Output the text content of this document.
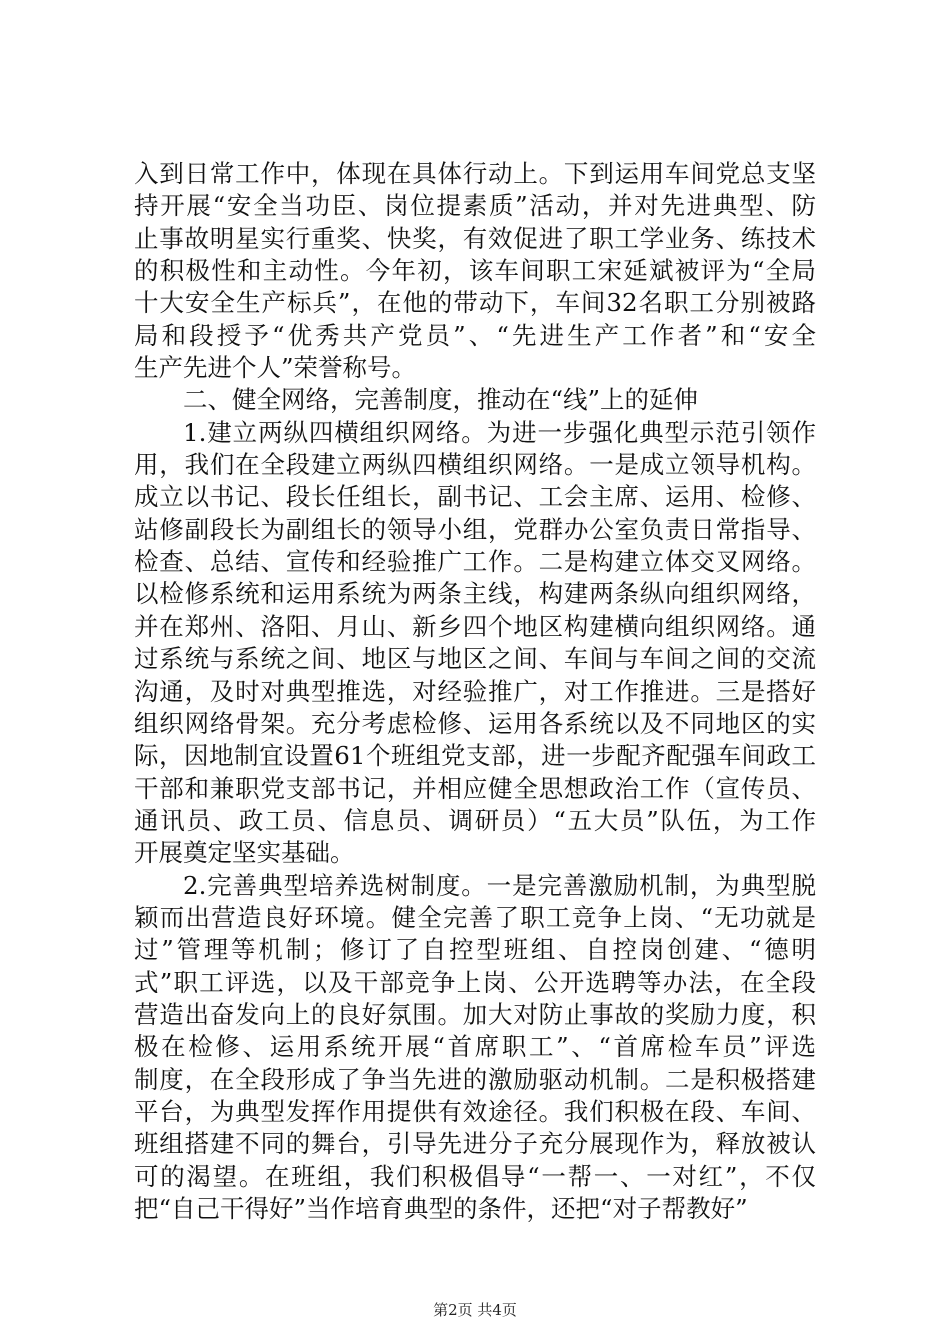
入到日常工作中，体现在具体行动上。下到运用车间党总支坚
持开展“安全当功臣、岗位提素质”活动，并对先进典型、防
止事故明星实行重奖、快奖，有效促进了职工学业务、练技术
的积极性和主动性。今年初，该车间职工宋延斌被评为“全局
十大安全生产标兵”，在他的带动下，车间32名职工分别被路
局和段授予“优秀共产党员”、“先进生产工作者”和“安全
生产先进个人”荣誉称号。
二、健全网络，完善制度，推动在“线”上的延伸
1.建立两纵四横组织网络。为进一步强化典型示范引领作
用，我们在全段建立两纵四横组织网络。一是成立领导机构。
成立以书记、段长任组长，副书记、工会主席、运用、检修、
站修副段长为副组长的领导小组，党群办公室负责日常指导、
检查、总结、宣传和经验推广工作。二是构建立体交叉网络。
以检修系统和运用系统为两条主线，构建两条纵向组织网络，
并在郑州、洛阳、月山、新乡四个地区构建横向组织网络。通
过系统与系统之间、地区与地区之间、车间与车间之间的交流
沟通，及时对典型推选，对经验推广，对工作推进。三是搭好
组织网络骨架。充分考虑检修、运用各系统以及不同地区的实
际，因地制宜设置61个班组党支部，进一步配齐配强车间政工
干部和兼职党支部书记，并相应健全思想政治工作（宣传员、
通讯员、政工员、信息员、调研员）“五大员”队伍，为工作
开展奠定坚实基础。
2.完善典型培养选树制度。一是完善激励机制，为典型脱
颖而出营造良好环境。健全完善了职工竞争上岗、“无功就是
过”管理等机制；修订了自控型班组、自控岗创建、“德明
式”职工评选，以及干部竞争上岗、公开选聘等办法，在全段
营造出奋发向上的良好氛围。加大对防止事故的奖励力度，积
极在检修、运用系统开展“首席职工”、“首席检车员”评选
制度，在全段形成了争当先进的激励驱动机制。二是积极搭建
平台，为典型发挥作用提供有效途径。我们积极在段、车间、
班组搭建不同的舞台，引导先进分子充分展现作为，释放被认
可的渴望。在班组，我们积极倡导“一帮一、一对红”，不仅
把“自己干得好”当作培育典型的条件，还把“对子帮教好”
第2页 共4页
